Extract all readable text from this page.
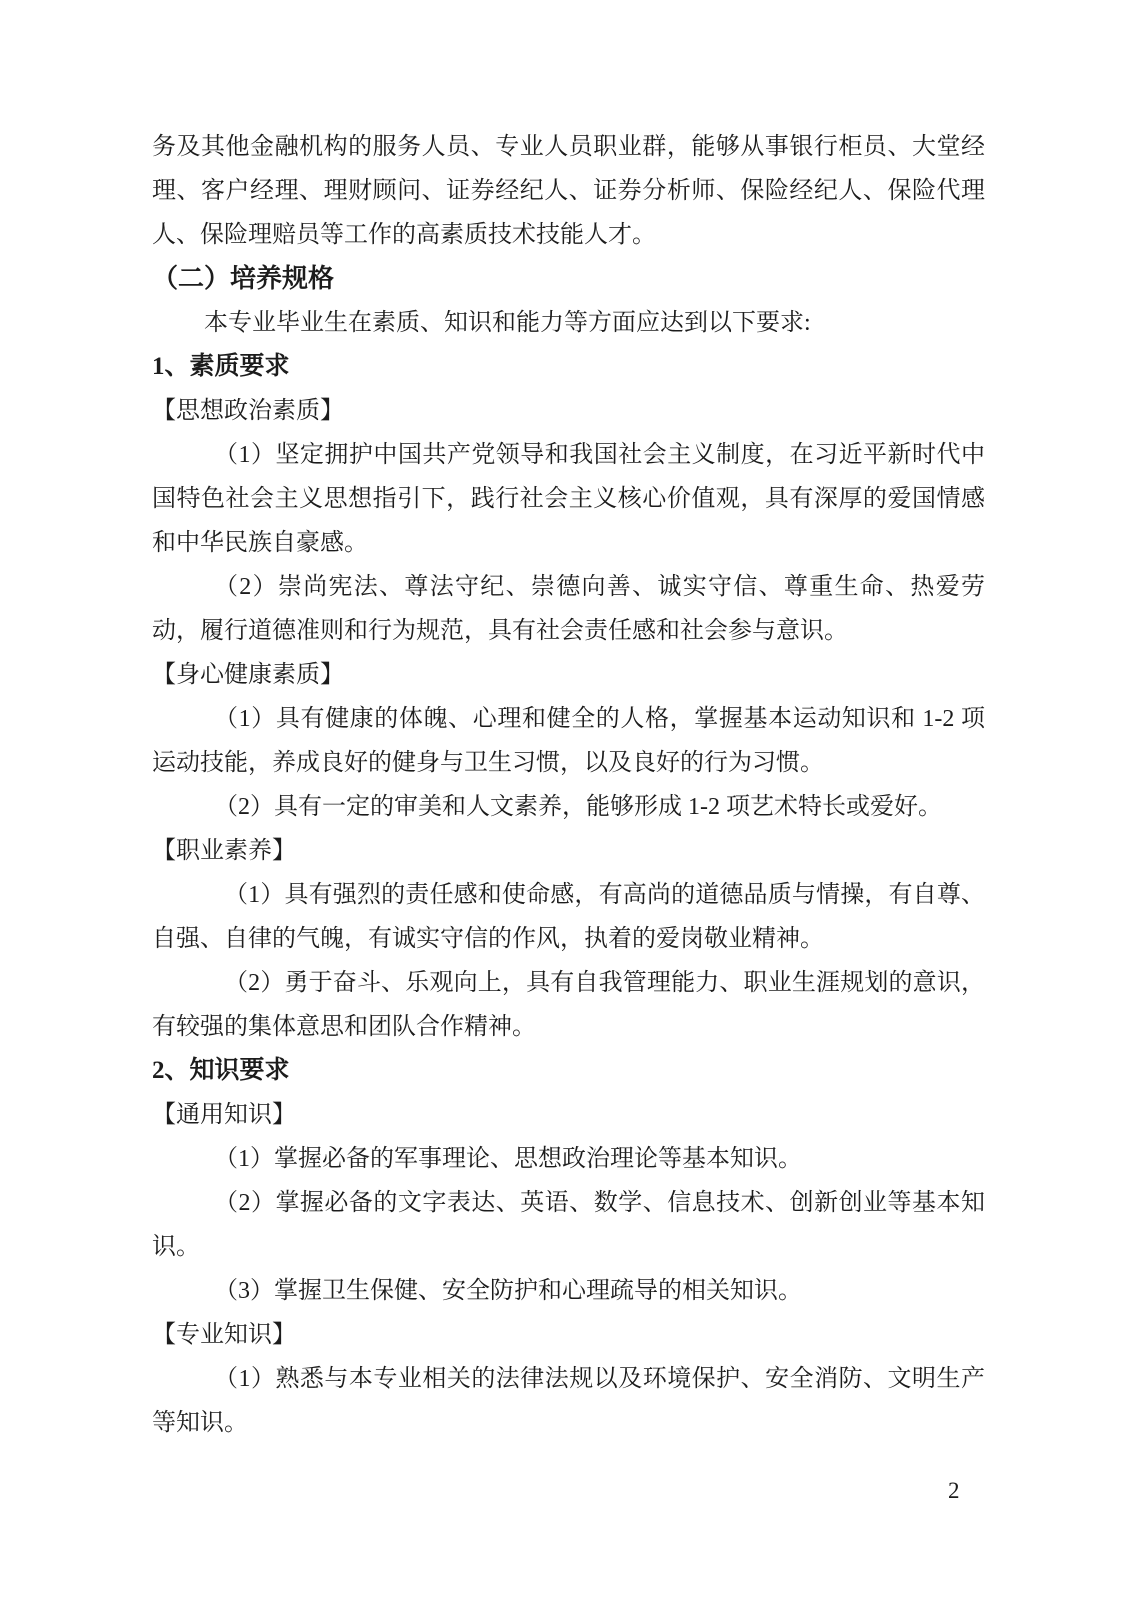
务及其他金融机构的服务人员、专业人员职业群，能够从事银行柜员、大堂经理、客户经理、理财顾问、证券经纪人、证券分析师、保险经纪人、保险代理人、保险理赔员等工作的高素质技术技能人才。
（二）培养规格
本专业毕业生在素质、知识和能力等方面应达到以下要求:
1、素质要求
【思想政治素质】
（1）坚定拥护中国共产党领导和我国社会主义制度，在习近平新时代中国特色社会主义思想指引下，践行社会主义核心价值观，具有深厚的爱国情感和中华民族自豪感。
（2）崇尚宪法、尊法守纪、崇德向善、诚实守信、尊重生命、热爱劳动，履行道德准则和行为规范，具有社会责任感和社会参与意识。
【身心健康素质】
（1）具有健康的体魄、心理和健全的人格，掌握基本运动知识和 1-2 项运动技能，养成良好的健身与卫生习惯，以及良好的行为习惯。
（2）具有一定的审美和人文素养，能够形成 1-2 项艺术特长或爱好。
【职业素养】
（1）具有强烈的责任感和使命感，有高尚的道德品质与情操，有自尊、自强、自律的气魄，有诚实守信的作风，执着的爱岗敬业精神。
（2）勇于奋斗、乐观向上，具有自我管理能力、职业生涯规划的意识，有较强的集体意思和团队合作精神。
2、知识要求
【通用知识】
（1）掌握必备的军事理论、思想政治理论等基本知识。
（2）掌握必备的文字表达、英语、数学、信息技术、创新创业等基本知识。
（3）掌握卫生保健、安全防护和心理疏导的相关知识。
【专业知识】
（1）熟悉与本专业相关的法律法规以及环境保护、安全消防、文明生产等知识。
2
